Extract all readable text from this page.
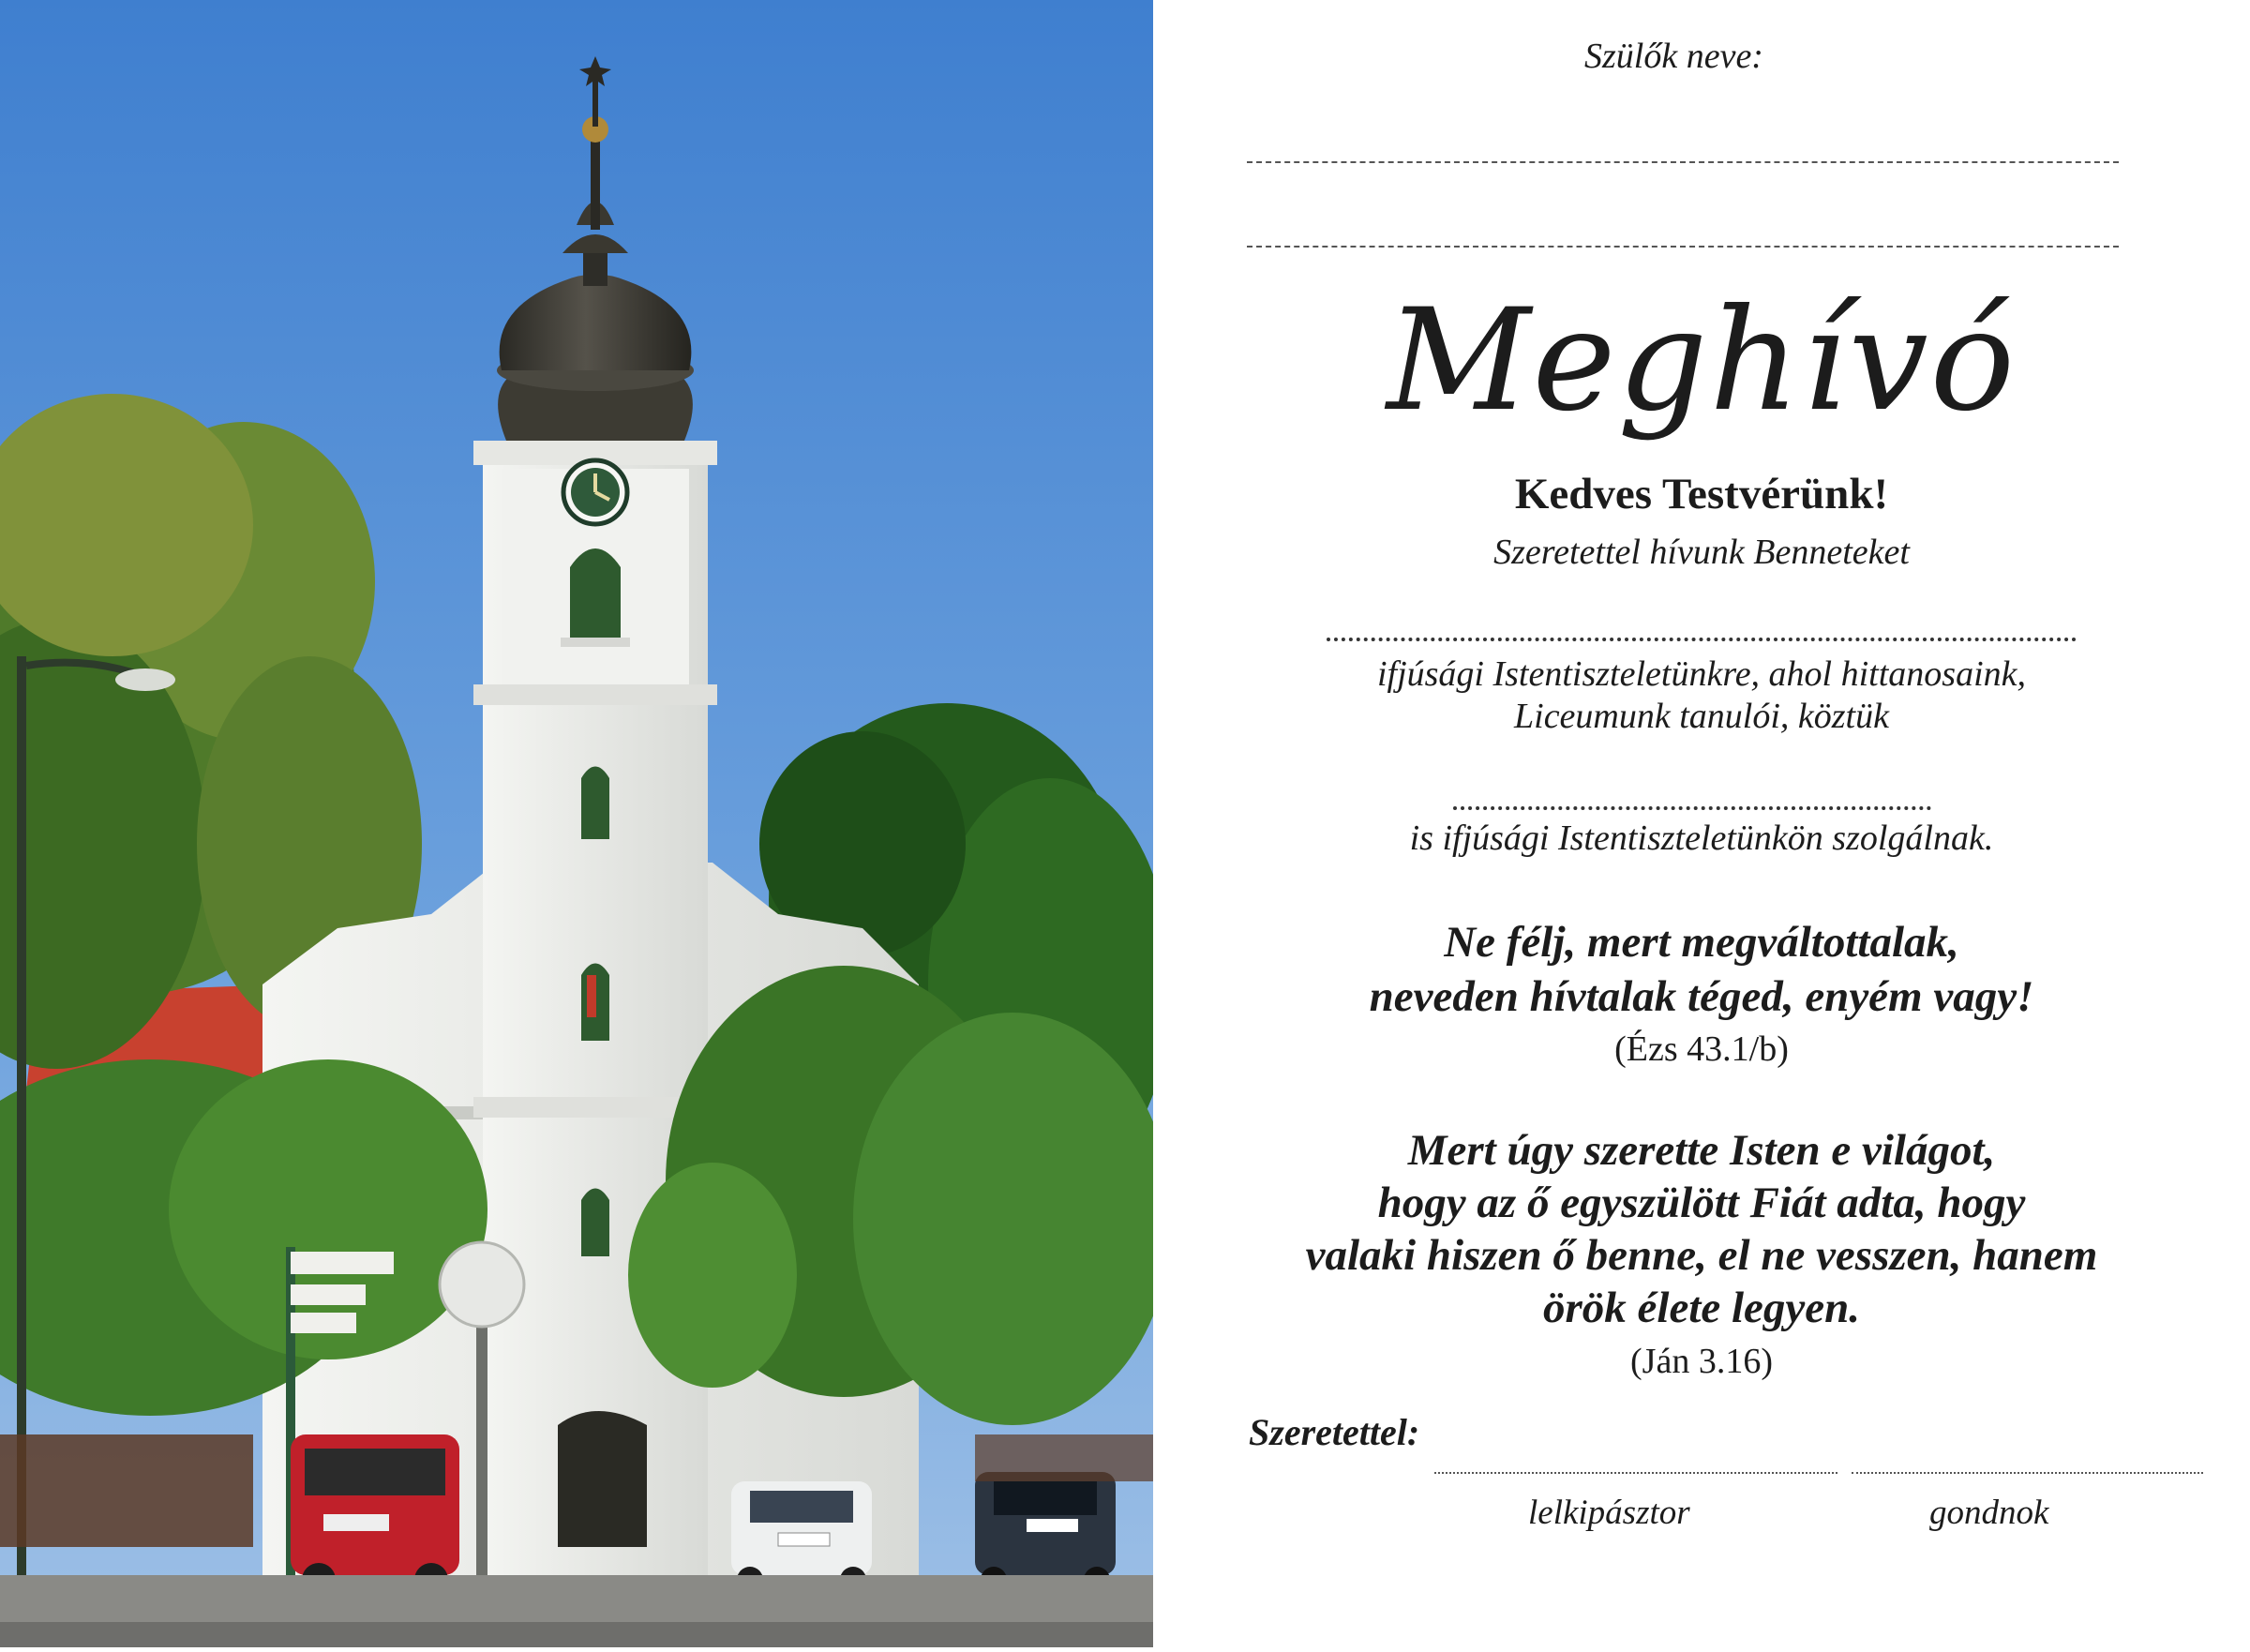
Szülők neve:
Meghívó
Kedves Testvérünk!
Szeretettel hívunk Benneteket
ifjúsági Istentiszteletünkre, ahol hittanosaink,
Liceumunk tanulói, köztük
is ifjúsági Istentiszteletünkön szolgálnak.
Ne félj, mert megváltottalak,
neveden hívtalak téged, enyém vagy!
(Ézs 43.1/b)
Mert úgy szerette Isten e világot,
hogy az ő egyszülött Fiát adta, hogy
valaki hiszen ő benne, el ne vesszen, hanem
örök élete legyen.
(Ján 3.16)
Szeretettel:
lelkipásztor	gondnok
